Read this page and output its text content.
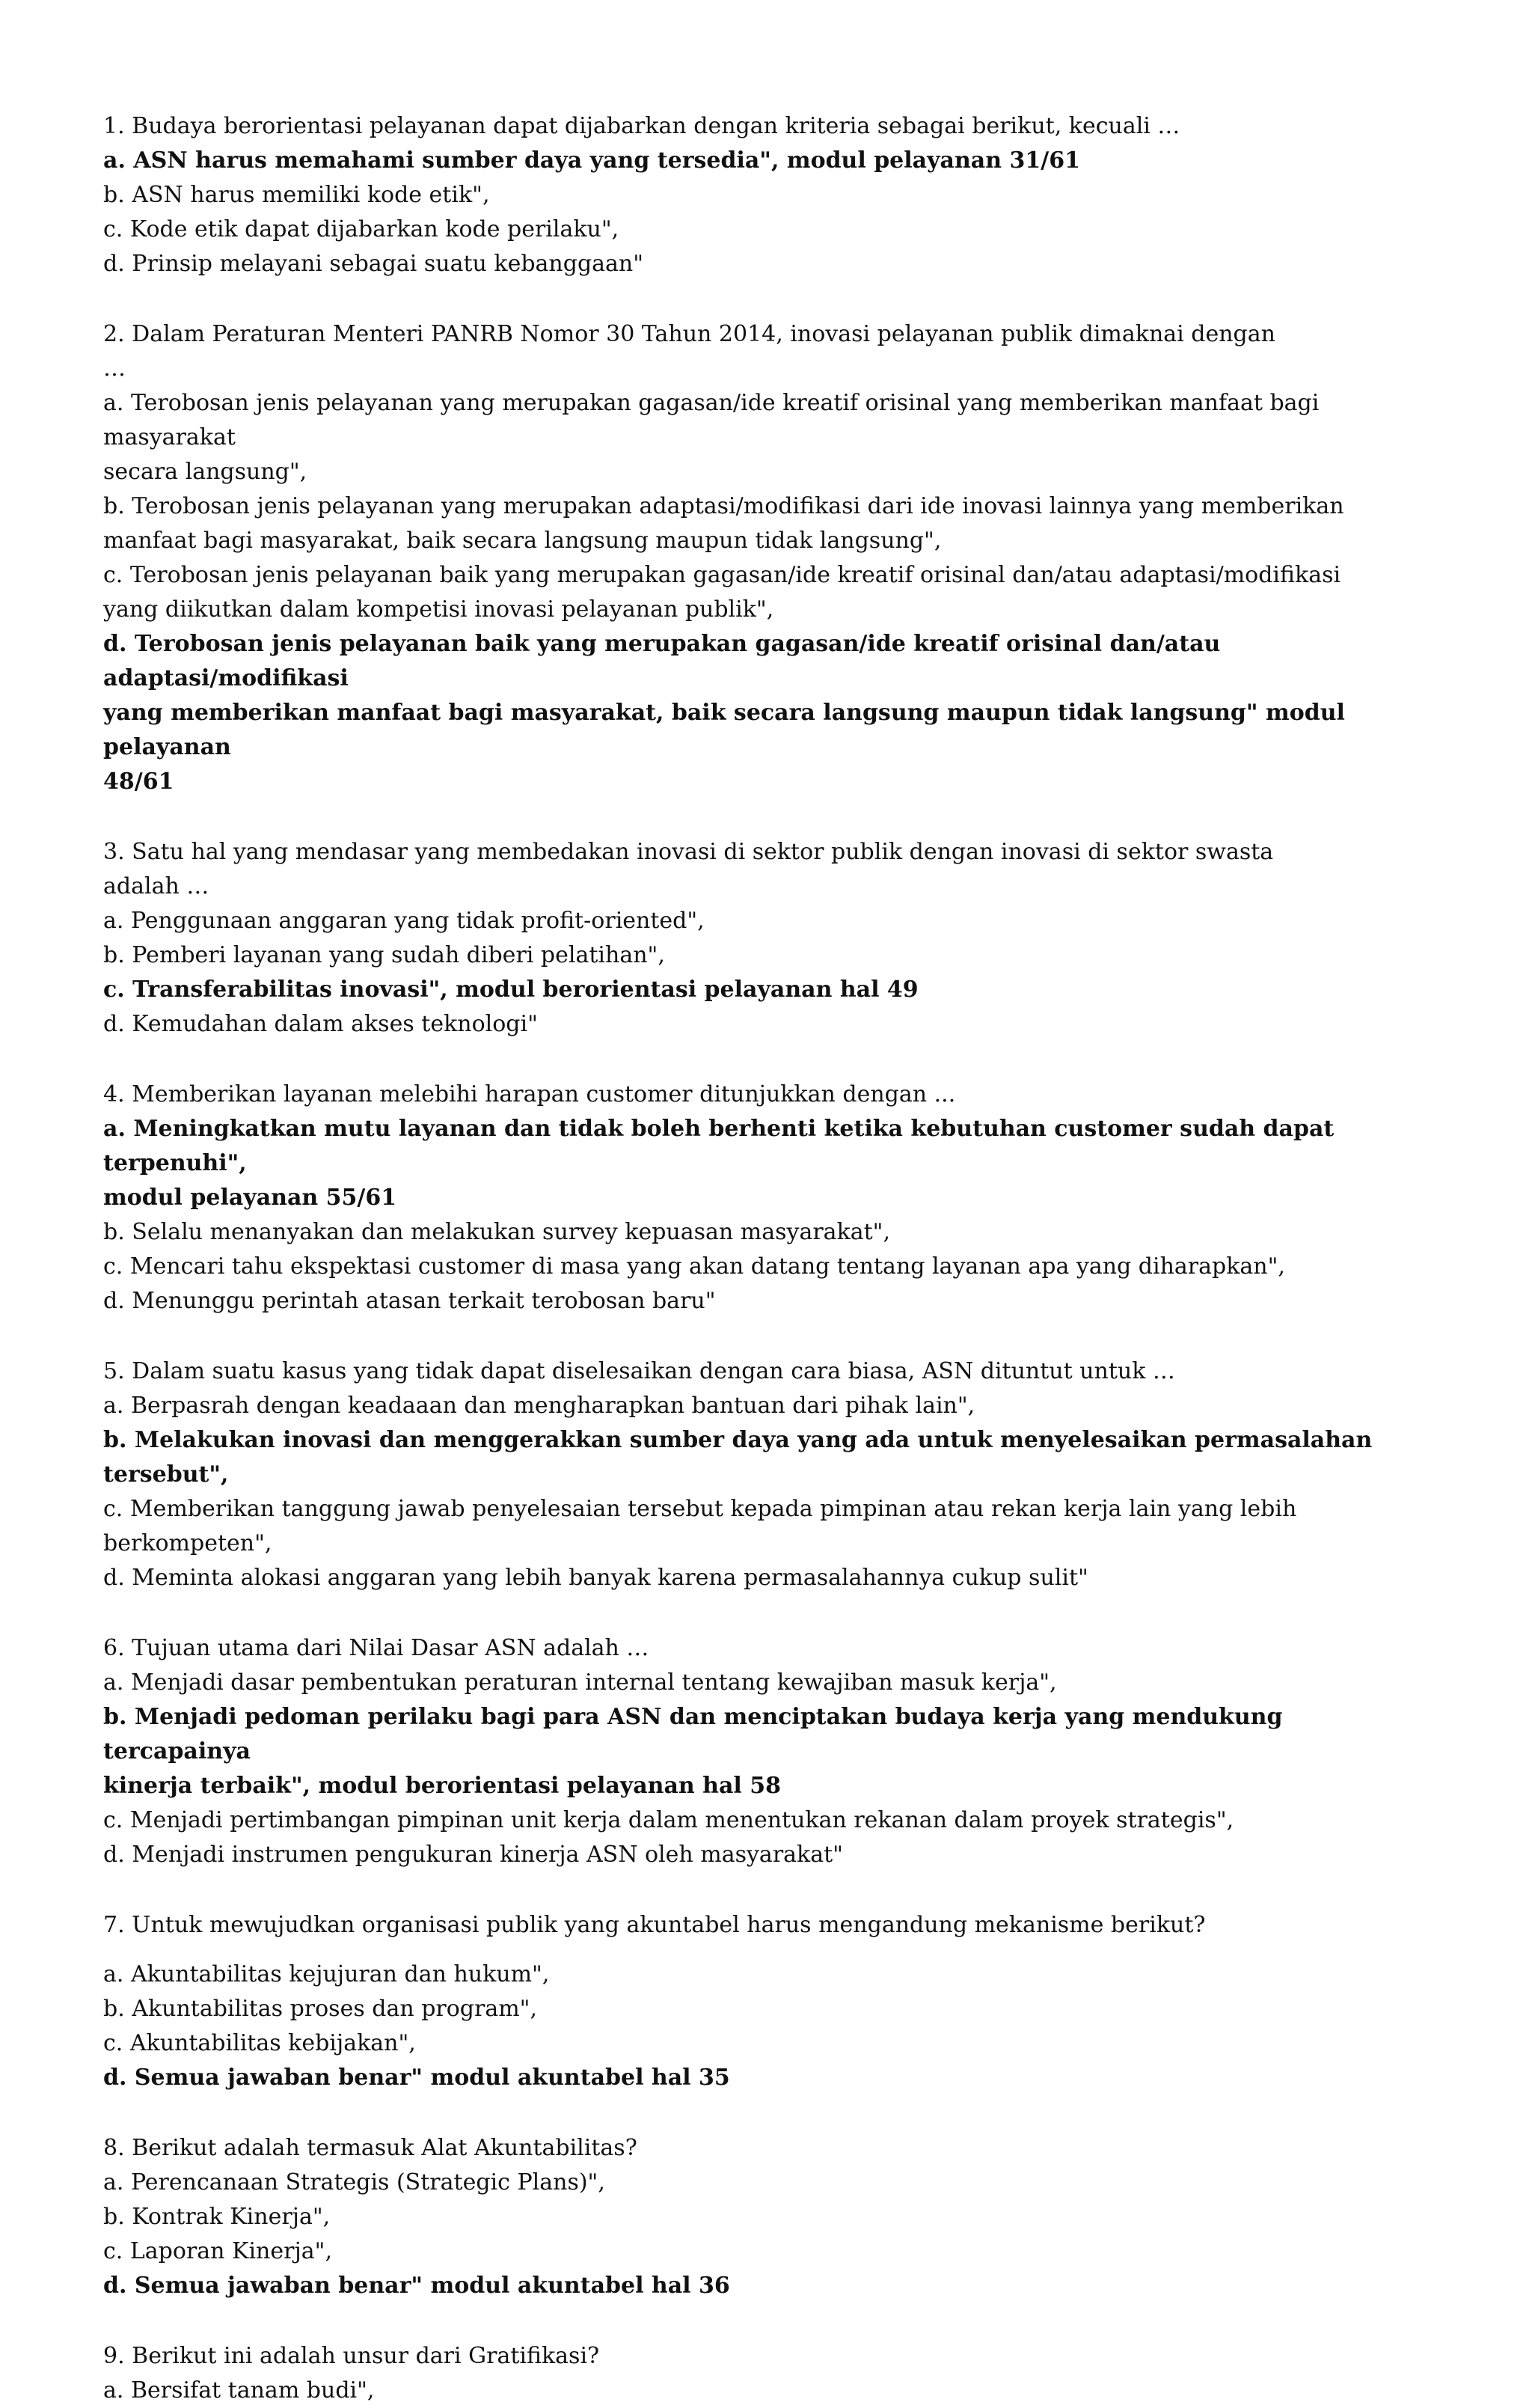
1. Budaya berorientasi pelayanan dapat dijabarkan dengan kriteria sebagai berikut, kecuali …

a. ASN harus memahami sumber daya yang tersedia", modul pelayanan 31/61

b. ASN harus memiliki kode etik",

c. Kode etik dapat dijabarkan kode perilaku",

d. Prinsip melayani sebagai suatu kebanggaan"

2. Dalam Peraturan Menteri PANRB Nomor 30 Tahun 2014, inovasi pelayanan publik dimaknai dengan

…

a. Terobosan jenis pelayanan yang merupakan gagasan/ide kreatif orisinal yang memberikan manfaat bagi masyarakat

secara langsung",

b. Terobosan jenis pelayanan yang merupakan adaptasi/modifikasi dari ide inovasi lainnya yang memberikan

manfaat bagi masyarakat, baik secara langsung maupun tidak langsung",

c. Terobosan jenis pelayanan baik yang merupakan gagasan/ide kreatif orisinal dan/atau adaptasi/modifikasi

yang diikutkan dalam kompetisi inovasi pelayanan publik",

d. Terobosan jenis pelayanan baik yang merupakan gagasan/ide kreatif orisinal dan/atau adaptasi/modifikasi

yang memberikan manfaat bagi masyarakat, baik secara langsung maupun tidak langsung" modul pelayanan

48/61

3. Satu hal yang mendasar yang membedakan inovasi di sektor publik dengan inovasi di sektor swasta

adalah …

a. Penggunaan anggaran yang tidak profit-oriented",

b. Pemberi layanan yang sudah diberi pelatihan",

c. Transferabilitas inovasi", modul berorientasi pelayanan hal 49

d. Kemudahan dalam akses teknologi"

4. Memberikan layanan melebihi harapan customer ditunjukkan dengan ...

a. Meningkatkan mutu layanan dan tidak boleh berhenti ketika kebutuhan customer sudah dapat terpenuhi",

modul pelayanan 55/61

b. Selalu menanyakan dan melakukan survey kepuasan masyarakat",

c. Mencari tahu ekspektasi customer di masa yang akan datang tentang layanan apa yang diharapkan",

d. Menunggu perintah atasan terkait terobosan baru"

5. Dalam suatu kasus yang tidak dapat diselesaikan dengan cara biasa, ASN dituntut untuk …

a. Berpasrah dengan keadaaan dan mengharapkan bantuan dari pihak lain",

b. Melakukan inovasi dan menggerakkan sumber daya yang ada untuk menyelesaikan permasalahan

tersebut",

c. Memberikan tanggung jawab penyelesaian tersebut kepada pimpinan atau rekan kerja lain yang lebih berkompeten",

d. Meminta alokasi anggaran yang lebih banyak karena permasalahannya cukup sulit"

6. Tujuan utama dari Nilai Dasar ASN adalah …

a. Menjadi dasar pembentukan peraturan internal tentang kewajiban masuk kerja",

b. Menjadi pedoman perilaku bagi para ASN dan menciptakan budaya kerja yang mendukung tercapainya

kinerja terbaik", modul berorientasi pelayanan hal 58

c. Menjadi pertimbangan pimpinan unit kerja dalam menentukan rekanan dalam proyek strategis",

d. Menjadi instrumen pengukuran kinerja ASN oleh masyarakat"

7. Untuk mewujudkan organisasi publik yang akuntabel harus mengandung mekanisme berikut?

a. Akuntabilitas kejujuran dan hukum",

b. Akuntabilitas proses dan program",

c. Akuntabilitas kebijakan",

d. Semua jawaban benar" modul akuntabel hal 35

8. Berikut adalah termasuk Alat Akuntabilitas?

a. Perencanaan Strategis (Strategic Plans)",

b. Kontrak Kinerja",

c. Laporan Kinerja",

d. Semua jawaban benar" modul akuntabel hal 36

9. Berikut ini adalah unsur dari Gratifikasi?

a. Bersifat tanam budi",
